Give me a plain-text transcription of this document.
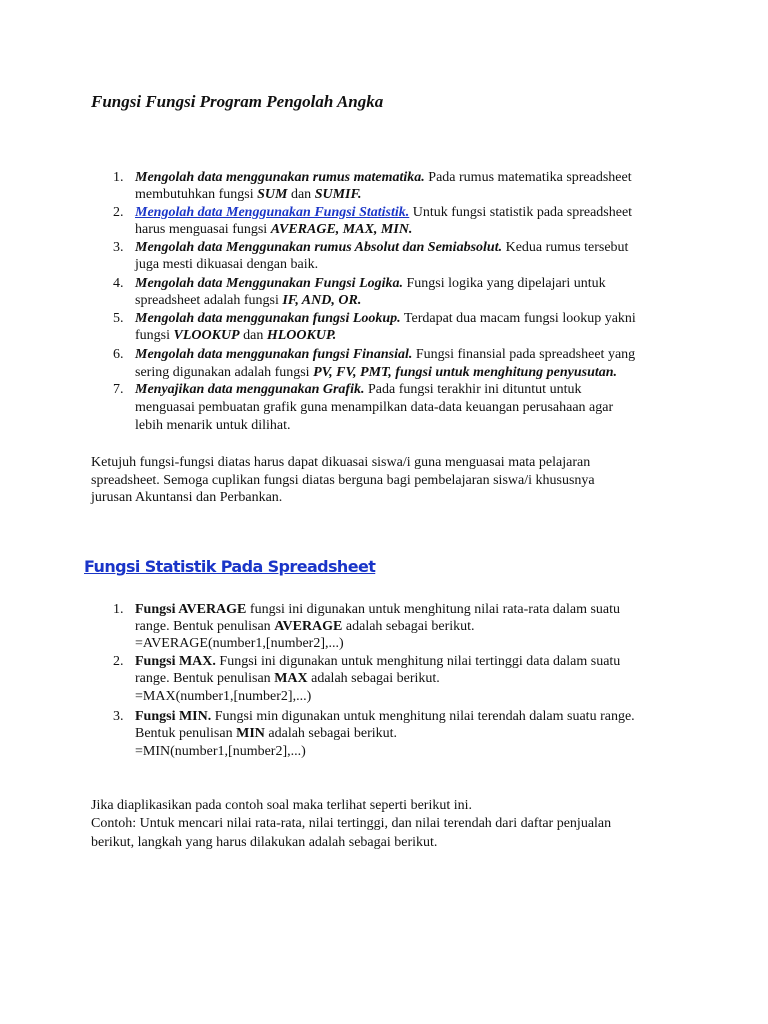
Fungsi Fungsi Program Pengolah Angka
1. Mengolah data menggunakan rumus matematika. Pada rumus matematika spreadsheet
membutuhkan fungsi SUM dan SUMIF.
2. Mengolah data Menggunakan Fungsi Statistik. Untuk fungsi statistik pada spreadsheet
harus menguasai fungsi AVERAGE, MAX, MIN.
3. Mengolah data Menggunakan rumus Absolut dan Semiabsolut. Kedua rumus tersebut
juga mesti dikuasai dengan baik.
4. Mengolah data Menggunakan Fungsi Logika. Fungsi logika yang dipelajari untuk
spreadsheet adalah fungsi IF, AND, OR.
5. Mengolah data menggunakan fungsi Lookup. Terdapat dua macam fungsi lookup yakni
fungsi VLOOKUP dan HLOOKUP.
6. Mengolah data menggunakan fungsi Finansial. Fungsi finansial pada spreadsheet yang
sering digunakan adalah fungsi PV, FV, PMT, fungsi untuk menghitung penyusutan.
7. Menyajikan data menggunakan Grafik. Pada fungsi terakhir ini dituntut untuk
menguasai pembuatan grafik guna menampilkan data-data keuangan perusahaan agar
lebih menarik untuk dilihat.
Ketujuh fungsi-fungsi diatas harus dapat dikuasai siswa/i guna menguasai mata pelajaran
spreadsheet. Semoga cuplikan fungsi diatas berguna bagi pembelajaran siswa/i khususnya
jurusan Akuntansi dan Perbankan.
Fungsi Statistik Pada Spreadsheet
1. Fungsi AVERAGE fungsi ini digunakan untuk menghitung nilai rata-rata dalam suatu
range. Bentuk penulisan AVERAGE adalah sebagai berikut.
=AVERAGE(number1,[number2],...)
2. Fungsi MAX. Fungsi ini digunakan untuk menghitung nilai tertinggi data dalam suatu
range. Bentuk penulisan MAX adalah sebagai berikut.
=MAX(number1,[number2],...)
3. Fungsi MIN. Fungsi min digunakan untuk menghitung nilai terendah dalam suatu range.
Bentuk penulisan MIN adalah sebagai berikut.
=MIN(number1,[number2],...)
Jika diaplikasikan pada contoh soal maka terlihat seperti berikut ini.
Contoh: Untuk mencari nilai rata-rata, nilai tertinggi, dan nilai terendah dari daftar penjualan
berikut, langkah yang harus dilakukan adalah sebagai berikut.
